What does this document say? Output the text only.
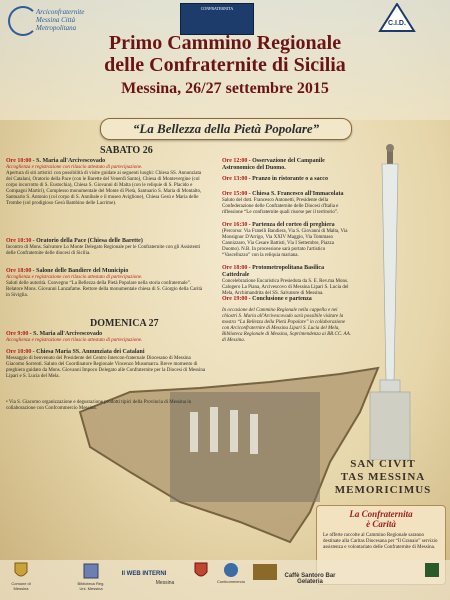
Arciconfraternite Messina Città Metropolitana
CONFRATERNITA
C.I.D.
Primo Cammino Regionale
delle Confraternite di Sicilia
Messina, 26/27 settembre 2015
“La Bellezza della Pietà Popolare”
SABATO 26
Ore 10:00 - S. Maria all'Arcivescovado
Accoglienza e registrazione con rilascio attestato di partecipazione.
Apertura di siti artistici con possibilità di visite guidate ai seguenti luoghi: Chiesa SS. Annunziata dei Catalani, Oratorio della Pace (con le Barette del Venerdì Santo), Chiesa di Montevergine (col corpo incorrotto di S. Eustochia), Chiesa S. Giovanni di Malta (con le reliquie di S. Placido e Compagni Martiri), Complesso monumentale del Monte di Pietà, Santuario S. Maria di Montalto, Santuario S. Antonio (col corpo di S. Annibale e il museo Aviglione), Chiesa Gesù e Maria delle Trombe (col prodigioso Gesù Bambino delle Lacrime).
Ore 10:30 - Oratorio della Pace (Chiesa delle Barette)
Incontro di Mons. Salvatore Lo Monte Delegato Regionale per le Confraternite con gli Assistenti delle Confraternite delle diocesi di Sicilia.
Ore 18:00 - Salone delle Bandiere del Municipio
Accoglienza e registrazione con rilascio attestato di partecipazione.
Saluti delle autorità. Convegno “La Bellezza della Pietà Popolare nella storia confraternale”. Relatore Mons. Giovanni Lanzafame. Rettore della monumentale chiesa di S. Giorgio della Carità in Siviglia.
DOMENICA 27
Ore 9:00 - S. Maria all'Arcivescovado
Accoglienza e registrazione con rilascio attestato di partecipazione.
Ore 10:00 - Chiesa Maria SS. Annunziata dei Catalani
Messaggio di benvenuto del Presidente del Centro Intercon-fraternale Diocesano di Messina Giacomo Sorrenti. Saluto del Coordinatore Regionale Vincenzo Musumarra. Breve momento di preghiera guidato da Mons. Giovanni Impoco Delegato alle Confraternite per la Diocesi di Messina Lipari e S. Lucia del Mela.
• Via S. Giacomo organizzazione e degustazione prodotti tipici della Provincia di Messina in collaborazione con Confcommercio Messina.
Ore 12:00 - Osservazione del Campanile Astronomico del Duomo.
Ore 13:00 - Pranzo in ristorante o a sacco
Ore 15:00 - Chiesa S. Francesco all'Immacolata
Saluto del dott. Francesco Antonetti, Presidente della Confederazione delle Confraternite delle Diocesi d'Italia e riflessione “Le confraternite quali risorse per il territorio”.
Ore 16:30 - Partenza del corteo di preghiera
(Percorso: Via Fratelli Bandiera, Via S. Giovanni di Malta, Via Monsignor D'Arrigo, Via XXIV Maggio, Via Tommaso Cannizzaro, Via Cesare Battisti, Via I Settembre, Piazza Duomo). N.B. In processione sarà portato l'artistico “Vascelluzzo” con la reliquia mariana.
Ore 18:00 - Protometropolitana Basilica Cattedrale
Concelebrazione Eucaristica Presieduta da S. E. Rev.ma Mons. Calogero La Piana, Arcivescovo di Messina Lipari S. Lucia del Mela, Archimandrita del SS. Salvatore di Messina.
Ore 19:00 - Conclusione e partenza
In occasione del Cammino Regionale nella cappella e nei chiostri S. Maria all'Arcivescovado sarà possibile visitare la mostra “La Bellezza della Pietà Popolare” in collaborazione con Arciconfraternite di Messina Lipari S. Lucia del Mela, Biblioteca Regionale di Messina, Soprintendenza ai BB.CC. AA. di Messina.
SAN CIVIT
TAS MESSINA
MEMORICIMUS
La Confraternita
è Carità
Le offerte raccolte al Cammino Regionale saranno destinate alla Caritas Diocesana per “Il Granaio” servizio assistenza e volontariato delle Confraternite di Messina.
Comune di Messina
Biblioteca Reg. Uni. Messina
Il WEB INTERNI
Messina	Confcommercio
Caffè Santoro Bar Gelateria
